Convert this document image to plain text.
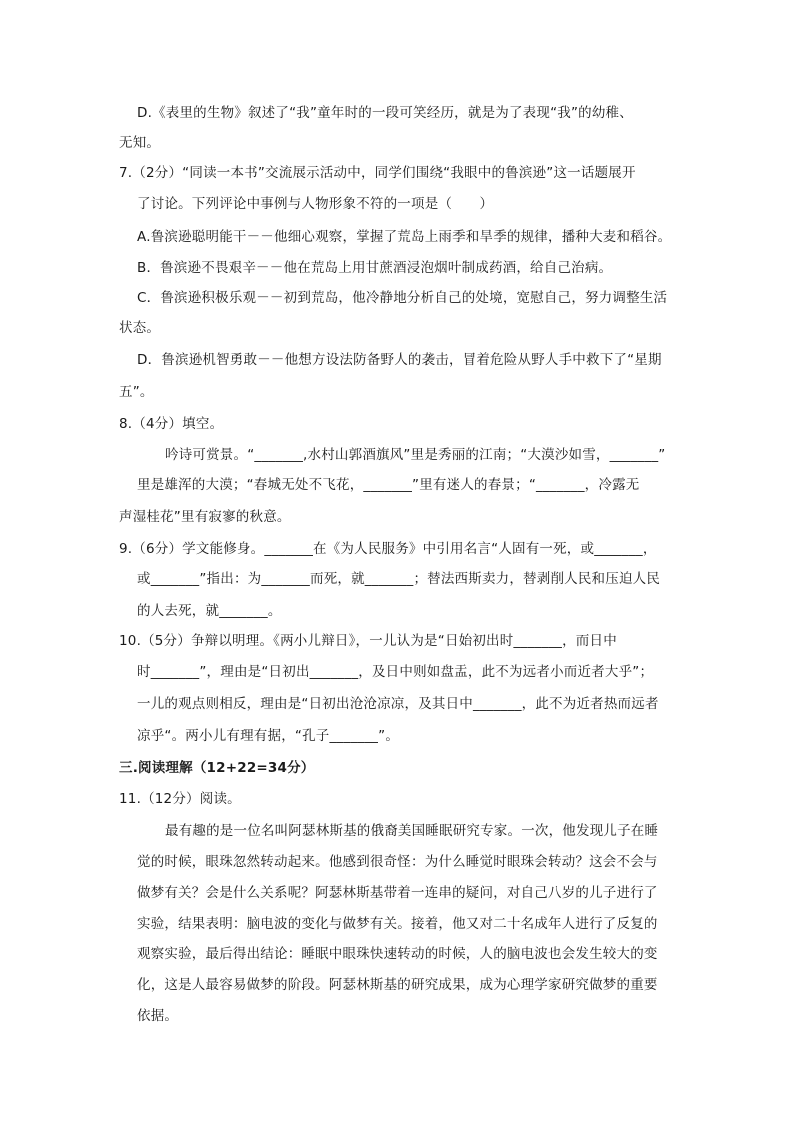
D.《表里的生物》叙述了“我”童年时的一段可笑经历，就是为了表现“我”的幼稚、
无知。
7.（2分）“同读一本书”交流展示活动中，同学们围绕“我眼中的鲁滨逊”这一话题展开
了讨论。下列评论中事例与人物形象不符的一项是（　　）
A.鲁滨逊聪明能干－－他细心观察，掌握了荒岛上雨季和旱季的规律，播种大麦和稻谷。
B．鲁滨逊不畏艰辛－－他在荒岛上用甘蔗酒浸泡烟叶制成药酒，给自己治病。
C．鲁滨逊积极乐观－－初到荒岛，他冷静地分析自己的处境，宽慰自己，努力调整生活
状态。
D．鲁滨逊机智勇敢－－他想方设法防备野人的袭击，冒着危险从野人手中救下了“星期
五”。
8.（4分）填空。
吟诗可赏景。“_______,水村山郭酒旗风”里是秀丽的江南；“大漠沙如雪，_______”
里是雄浑的大漠；“春城无处不飞花，_______”里有迷人的春景；“_______，冷露无
声湿桂花”里有寂寥的秋意。
9.（6分）学文能修身。_______在《为人民服务》中引用名言“人固有一死，或_______，
或_______”指出：为_______而死，就_______；替法西斯卖力，替剥削人民和压迫人民
的人去死，就_______。
10.（5分）争辩以明理。《两小儿辩日》，一儿认为是“日始初出时_______，而日中
时_______”，理由是“日初出_______，及日中则如盘盂，此不为远者小而近者大乎”；
一儿的观点则相反，理由是“日初出沧沧凉凉，及其日中_______，此不为近者热而远者
凉乎“。两小儿有理有据，“孔子_______”。
三.阅读理解（12+22=34分）
11.（12分）阅读。
最有趣的是一位名叫阿瑟林斯基的俄裔美国睡眠研究专家。一次，他发现儿子在睡
觉的时候，眼珠忽然转动起来。他感到很奇怪：为什么睡觉时眼珠会转动？这会不会与
做梦有关？会是什么关系呢？阿瑟林斯基带着一连串的疑问，对自己八岁的儿子进行了
实验，结果表明：脑电波的变化与做梦有关。接着，他又对二十名成年人进行了反复的
观察实验，最后得出结论：睡眠中眼珠快速转动的时候，人的脑电波也会发生较大的变
化，这是人最容易做梦的阶段。阿瑟林斯基的研究成果，成为心理学家研究做梦的重要
依据。
